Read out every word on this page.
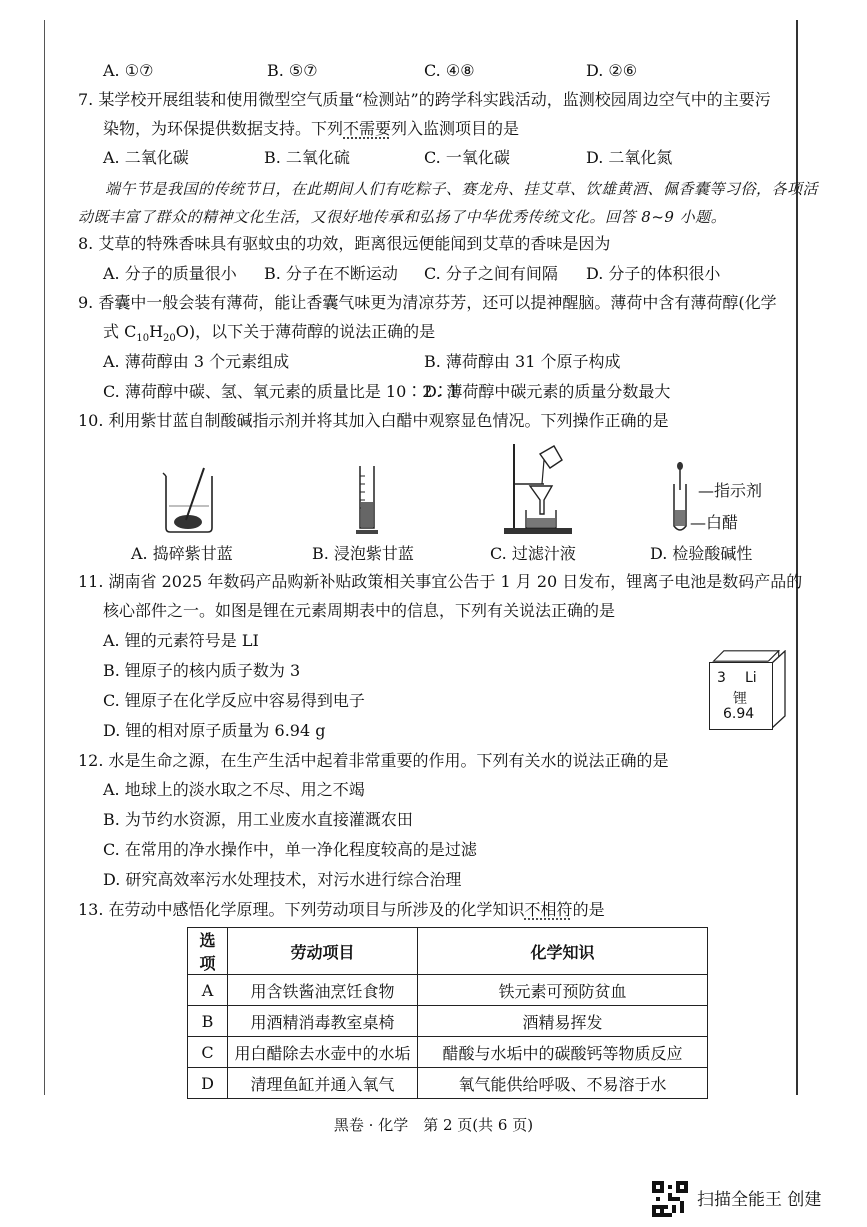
A. ①⑦	B. ⑤⑦	C. ④⑧	D. ②⑥
7. 某学校开展组装和使用微型空气质量“检测站”的跨学科实践活动，监测校园周边空气中的主要污
染物，为环保提供数据支持。下列不需要列入监测项目的是
A. 二氧化碳	B. 二氧化硫	C. 一氧化碳	D. 二氧化氮
端午节是我国的传统节日，在此期间人们有吃粽子、赛龙舟、挂艾草、饮雄黄酒、佩香囊等习俗，各项活
动既丰富了群众的精神文化生活，又很好地传承和弘扬了中华优秀传统文化。回答 8~9 小题。
8. 艾草的特殊香味具有驱蚊虫的功效，距离很远便能闻到艾草的香味是因为
A. 分子的质量很小 B. 分子在不断运动 C. 分子之间有间隔 D. 分子的体积很小
9. 香囊中一般会装有薄荷，能让香囊气味更为清凉芬芳，还可以提神醒脑。薄荷中含有薄荷醇(化学
式 $C_{10}H_{20}O$)，以下关于薄荷醇的说法正确的是
A. 薄荷醇由 3 个元素组成	B. 薄荷醇由 31 个原子构成
C. 薄荷醇中碳、氢、氧元素的质量比是 10∶2∶1
D. 薄荷醇中碳元素的质量分数最大
10. 利用紫甘蓝自制酸碱指示剂并将其加入白醋中观察显色情况。下列操作正确的是
—指示剂
—白醋
A. 捣碎紫甘蓝	B. 浸泡紫甘蓝	C. 过滤汁液	D. 检验酸碱性
11. 湖南省 2025 年数码产品购新补贴政策相关事宜公告于 1 月 20 日发布，锂离子电池是数码产品的
核心部件之一。如图是锂在元素周期表中的信息，下列有关说法正确的是
A. 锂的元素符号是 LI
B. 锂原子的核内质子数为 3
C. 锂原子在化学反应中容易得到电子
D. 锂的相对原子质量为 6.94 g
3 Li
锂
6.94
12. 水是生命之源，在生产生活中起着非常重要的作用。下列有关水的说法正确的是
A. 地球上的淡水取之不尽、用之不竭
B. 为节约水资源，用工业废水直接灌溉农田
C. 在常用的净水操作中，单一净化程度较高的是过滤
D. 研究高效率污水处理技术，对污水进行综合治理
13. 在劳动中感悟化学原理。下列劳动项目与所涉及的化学知识不相符的是
选项	劳动项目	化学知识
A	用含铁酱油烹饪食物	铁元素可预防贫血
B	用酒精消毒教室桌椅	酒精易挥发
C	用白醋除去水壶中的水垢	醋酸与水垢中的碳酸钙等物质反应
D	清理鱼缸并通入氧气	氧气能供给呼吸、不易溶于水
黑卷 · 化学　第 2 页(共 6 页)
扫描全能王 创建
